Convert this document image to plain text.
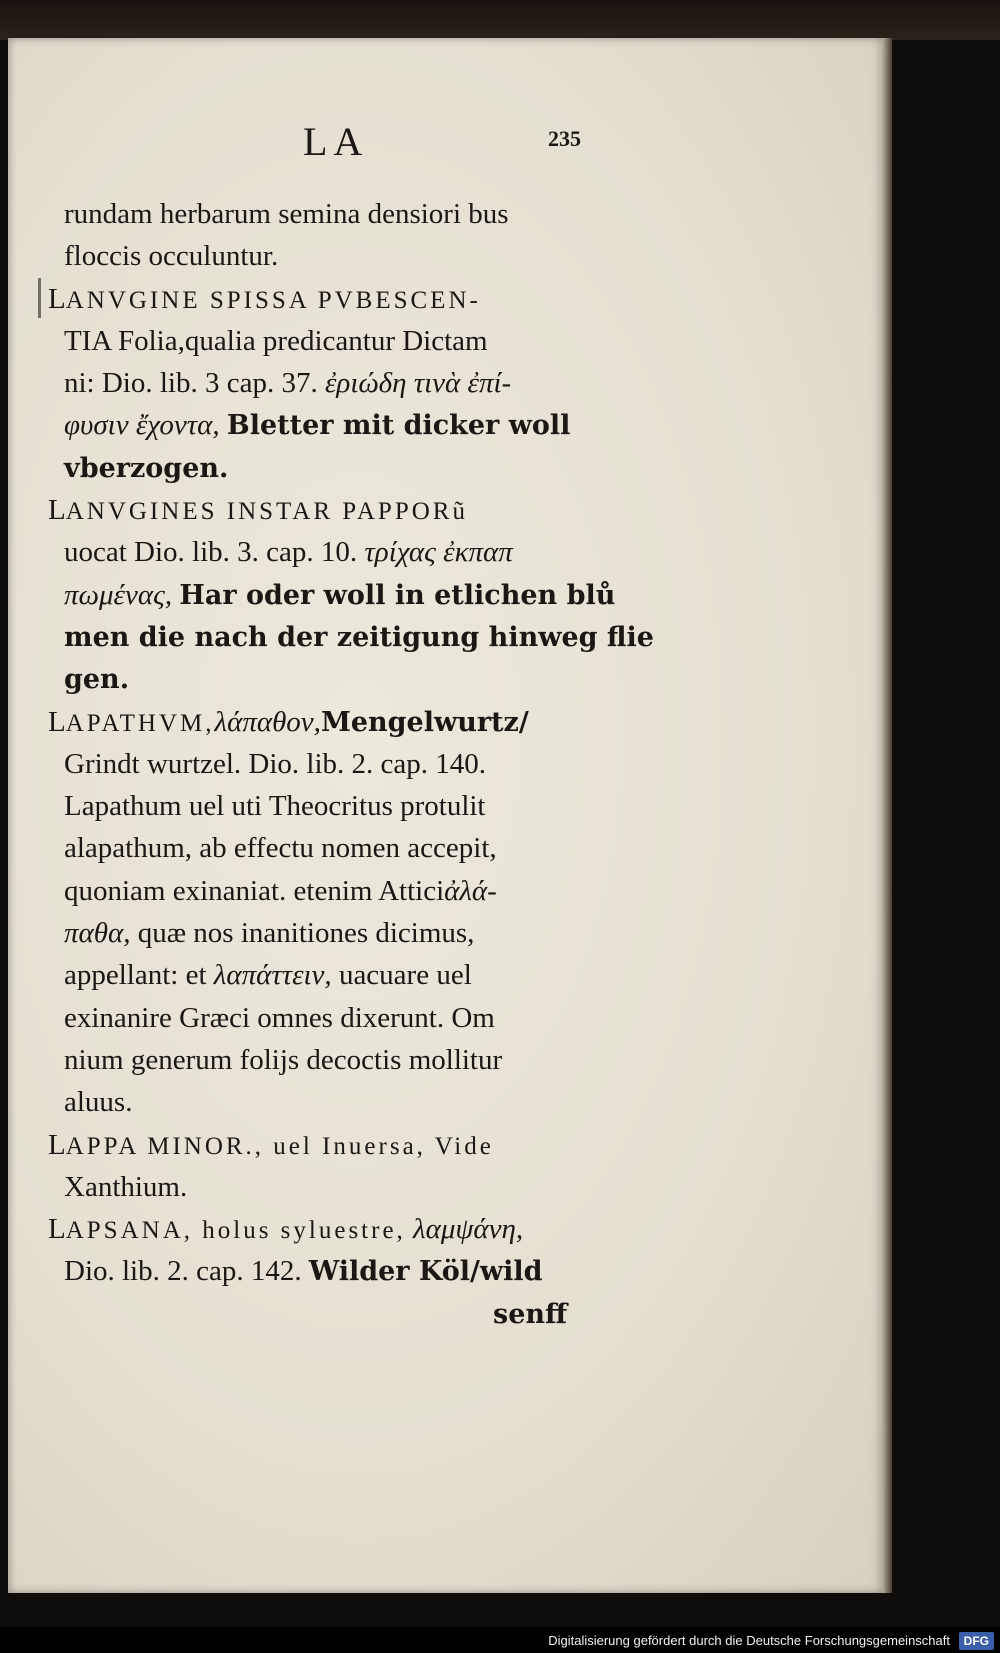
LA	235
rundam herbarum semina densiori bus
floccis occuluntur.
LANVGINE SPISSA PVBESCEN-
TIA Folia,qualia predicantur Dictam
ni: Dio. lib. 3 cap. 37. ἐριώδη τινὰ ἐπί-
φυσιν ἔχοντα, Bletter mit dicker woll
vberzogen.
LANVGINES INSTAR PAPPORũ
uocat Dio. lib. 3. cap. 10. τρίχας ἐκπαπ
πωμένας, Har oder woll in etlichen blů
men die nach der zeitigung hinweg flie
gen.
LAPATHVM,λάπαθον,Mengelwurtz/
Grindt wurtzel. Dio. lib. 2. cap. 140.
Lapathum uel uti Theocritus protulit
alapathum, ab effectu nomen accepit,
quoniam exinaniat. etenim Atticiἀλά-
παθα, quæ nos inanitiones dicimus,
appellant: et λαπάττειν, uacuare uel
exinanire Græci omnes dixerunt. Om
nium generum folijs decoctis mollitur
aluus.
LAPPA MINOR., uel Inuersa, Vide
Xanthium.
LAPSANA, holus syluestre, λαμψάνη,
Dio. lib. 2. cap. 142. Wilder Köl/wild
senff
Digitalisierung gefördert durch die Deutsche Forschungsgemeinschaft	DFG
